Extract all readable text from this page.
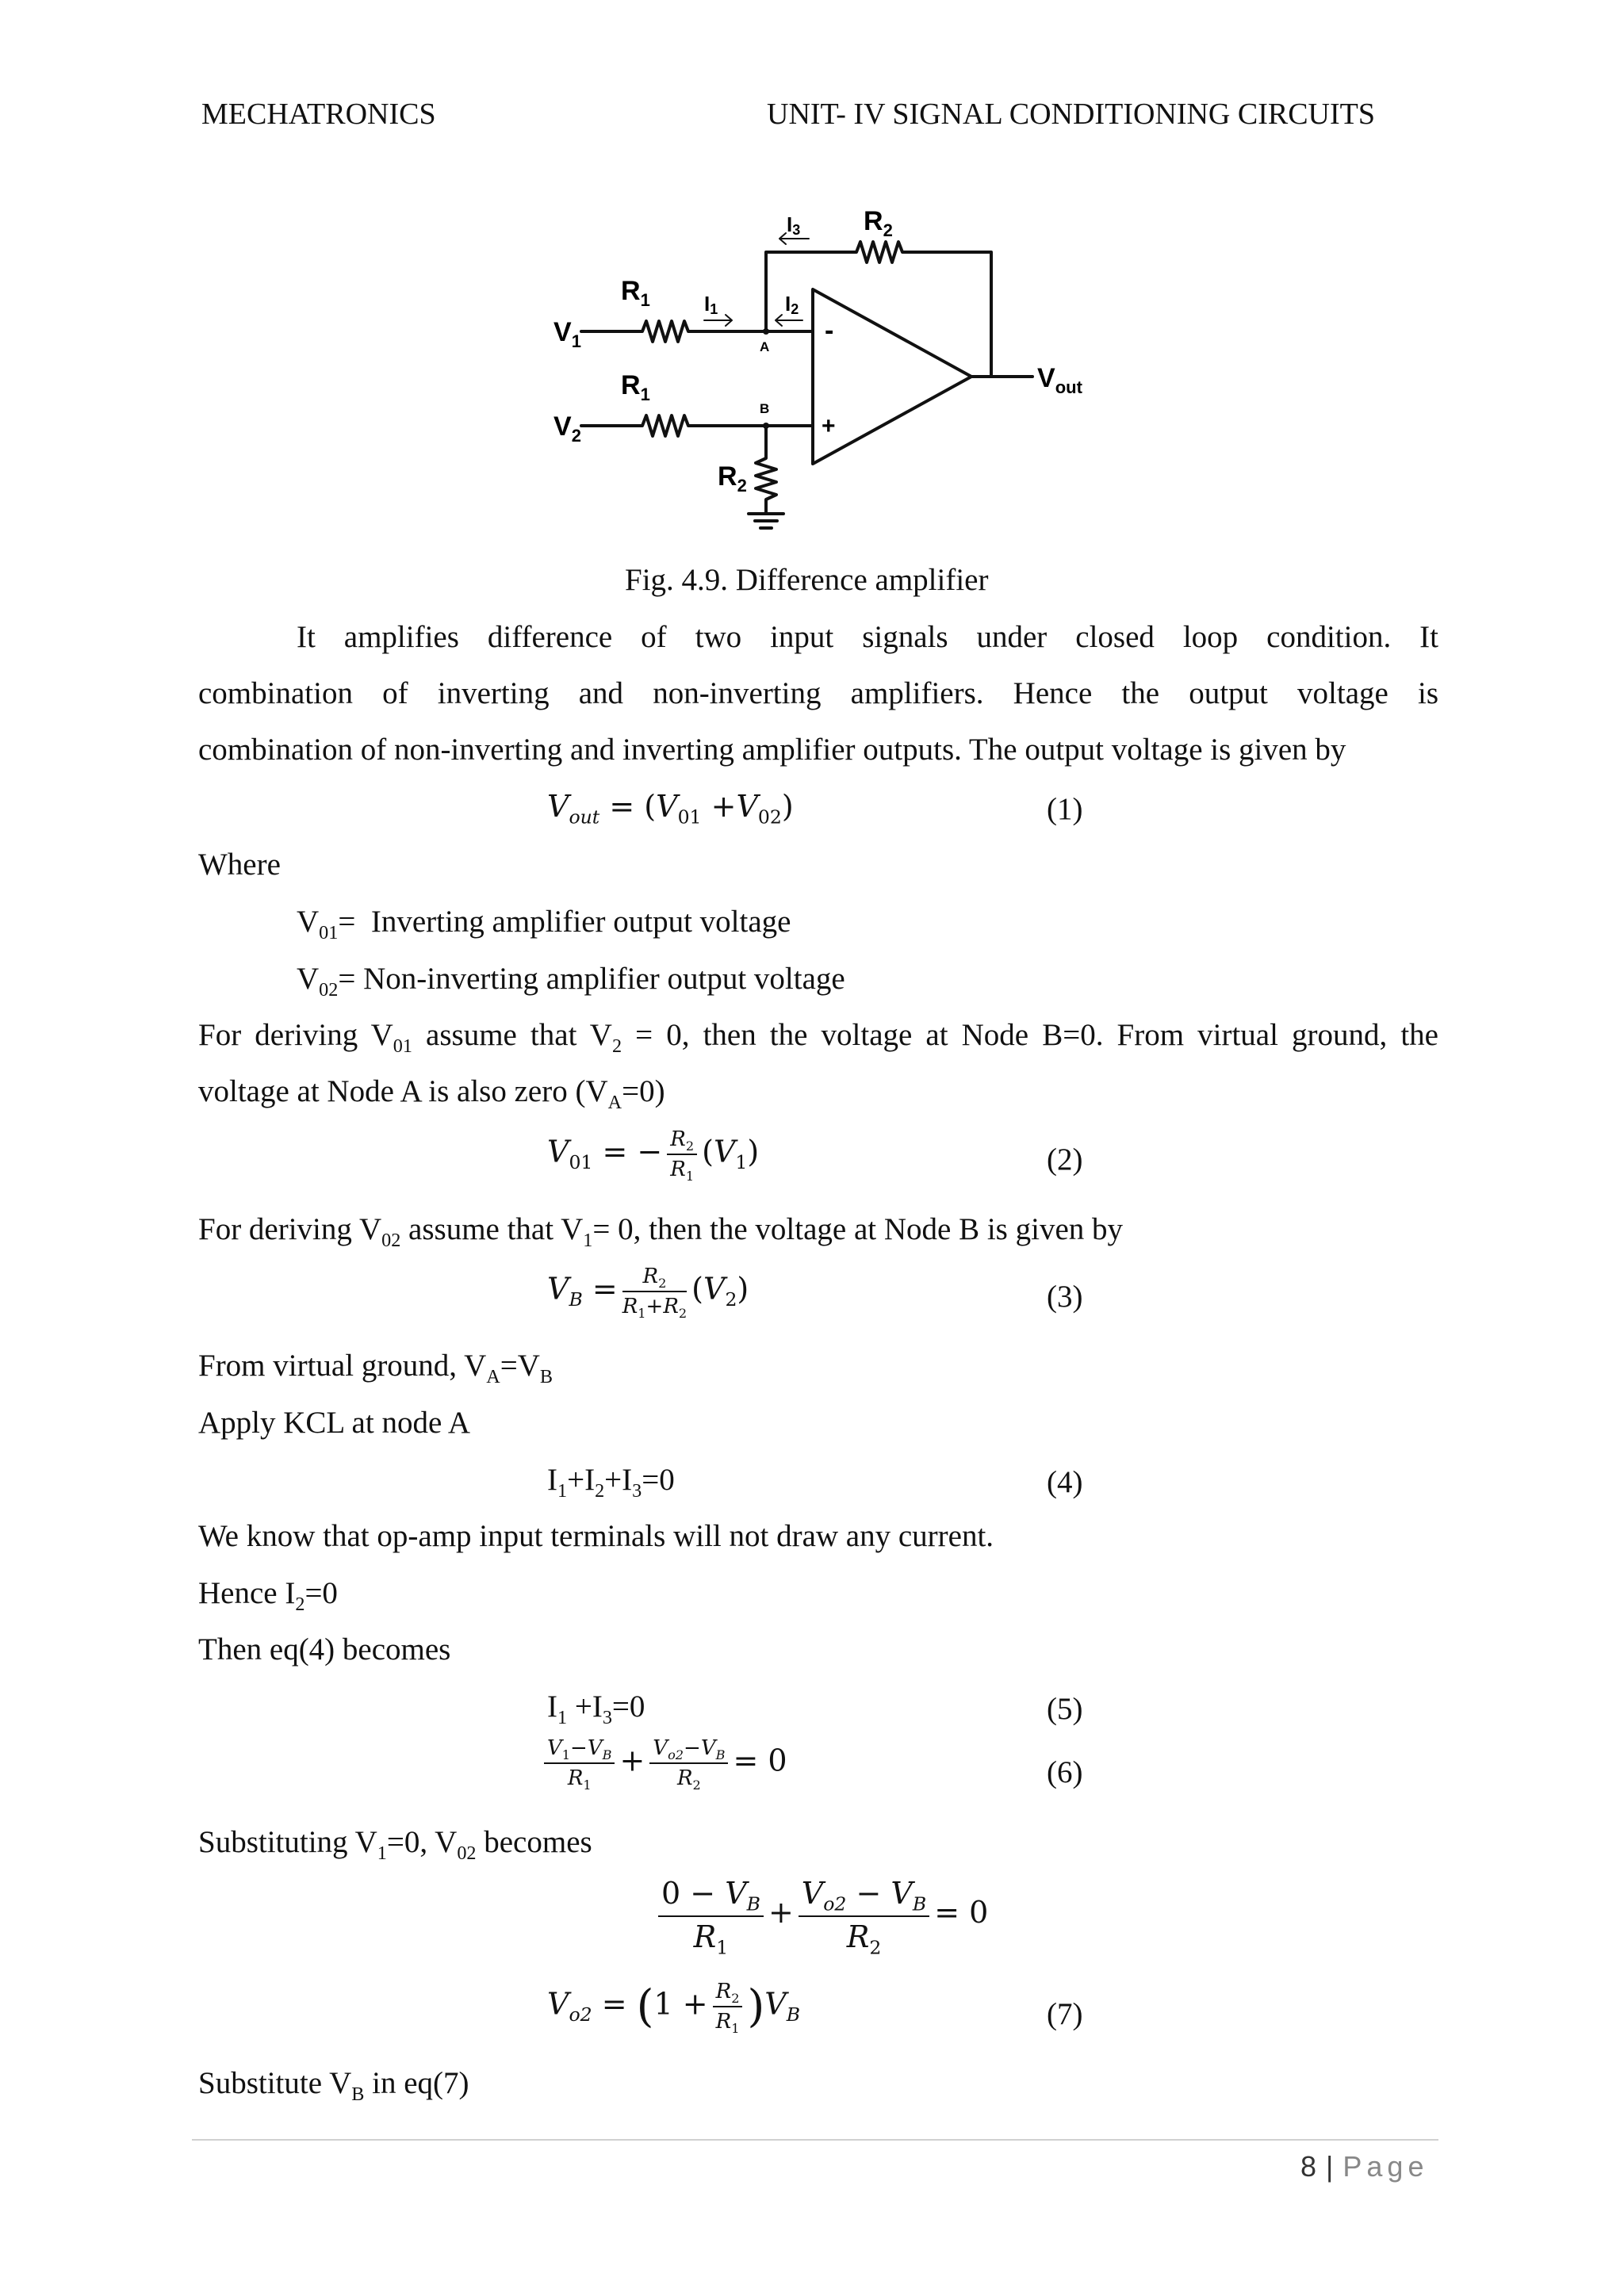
MECHATRONICS	UNIT- IV SIGNAL CONDITIONING CIRCUITS
$R_1$
$V_1$
$R_1$
$V_2$
$R_2$
$R_2$
$V_{out}$
I3
I1	I2
A
B
-
+
Fig. 4.9. Difference amplifier
It amplifies difference of two input signals under closed loop condition. It
combination of inverting and non-inverting amplifiers. Hence the output voltage is
combination of non-inverting and inverting amplifier outputs. The output voltage is given by
$V_{out} = (V_{01} +V_{02})$	(1)
Where
$V_{01}=$  Inverting amplifier output voltage
$V_{02}=$ Non-inverting amplifier output voltage
For deriving $V_{01}$ assume that $V_2 = 0$, then the voltage at Node B=0. From virtual ground, the
voltage at Node A is also zero $(V_A=0)$
$V_{01}$ = − $\frac{R_2}{R_1} (V_1)$	(2)
For deriving $V_{02}$ assume that $V_1= 0$, then the voltage at Node B is given by
$V_B = \frac{R_2}{R_1+R_2} (V_2)$	(3)
From virtual ground, $V_A=V_B$
Apply KCL at node A
$I_1+I_2+I_3=0$	(4)
We know that op-amp input terminals will not draw any current.
Hence $I_2=0$
Then eq(4) becomes
$I_1 +I_3=0$	(5)
$\frac{V_1-V_B}{R_1} + \frac{V_{o2}-V_B}{R_2} = 0$	(6)
Substituting $V_1=0$, $V_{02}$ becomes
$\frac{0 - V_B}{R_1} + \frac{V_{o2} - V_B}{R_2} = 0$
$V_{o2} = (1 + \frac{R_2}{R_1} )V_B$	(7)
Substitute $V_B$ in eq(7)
8 | Page
